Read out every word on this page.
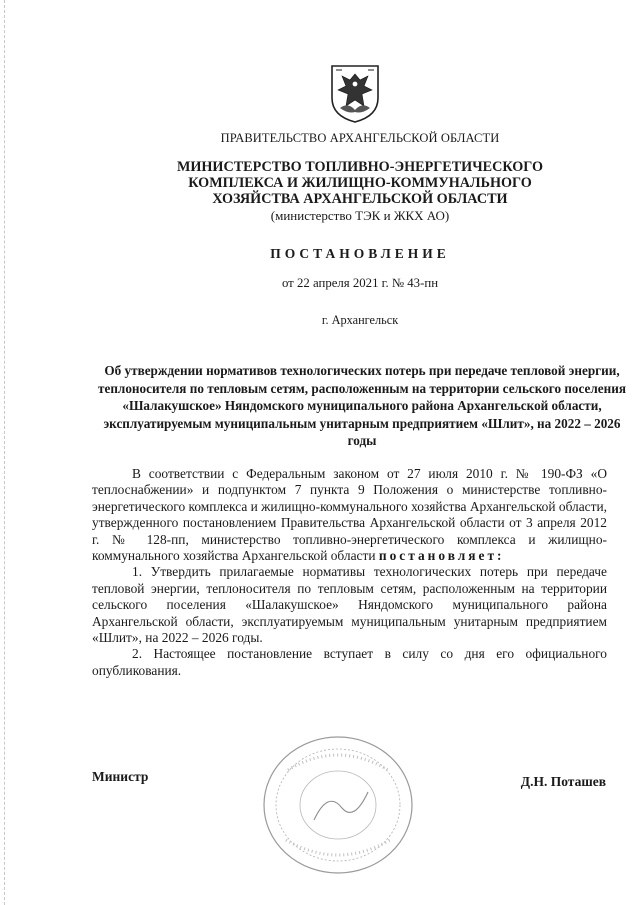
ПРАВИТЕЛЬСТВО АРХАНГЕЛЬСКОЙ ОБЛАСТИ
МИНИСТЕРСТВО ТОПЛИВНО-ЭНЕРГЕТИЧЕСКОГО
КОМПЛЕКСА И ЖИЛИЩНО-КОММУНАЛЬНОГО
ХОЗЯЙСТВА АРХАНГЕЛЬСКОЙ ОБЛАСТИ
(министерство ТЭК и ЖКХ АО)
ПОСТАНОВЛЕНИЕ
от 22 апреля 2021 г. № 43-пн
г. Архангельск
Об утверждении нормативов технологических потерь при передаче тепловой энергии, теплоносителя по тепловым сетям, расположенным на территории сельского поселения «Шалакушское» Няндомского муниципального района Архангельской области, эксплуатируемым муниципальным унитарным предприятием «Шлит», на 2022 – 2026 годы

В соответствии с Федеральным законом от 27 июля 2010 г. № 190-ФЗ «О теплоснабжении» и подпунктом 7 пункта 9 Положения о министерстве топливно-энергетического комплекса и жилищно-коммунального хозяйства Архангельской области, утвержденного постановлением Правительства Архангельской области от 3 апреля 2012 г. № 128-пп, министерство топливно-энергетического комплекса и жилищно-коммунального хозяйства Архангельской области постановляет:

1. Утвердить прилагаемые нормативы технологических потерь при передаче тепловой энергии, теплоносителя по тепловым сетям, расположенным на территории сельского поселения «Шалакушское» Няндомского муниципального района Архангельской области, эксплуатируемым муниципальным унитарным предприятием «Шлит», на 2022 – 2026 годы.

2. Настоящее постановление вступает в силу со дня его официального опубликования.

Министр	Д.Н. Поташев
